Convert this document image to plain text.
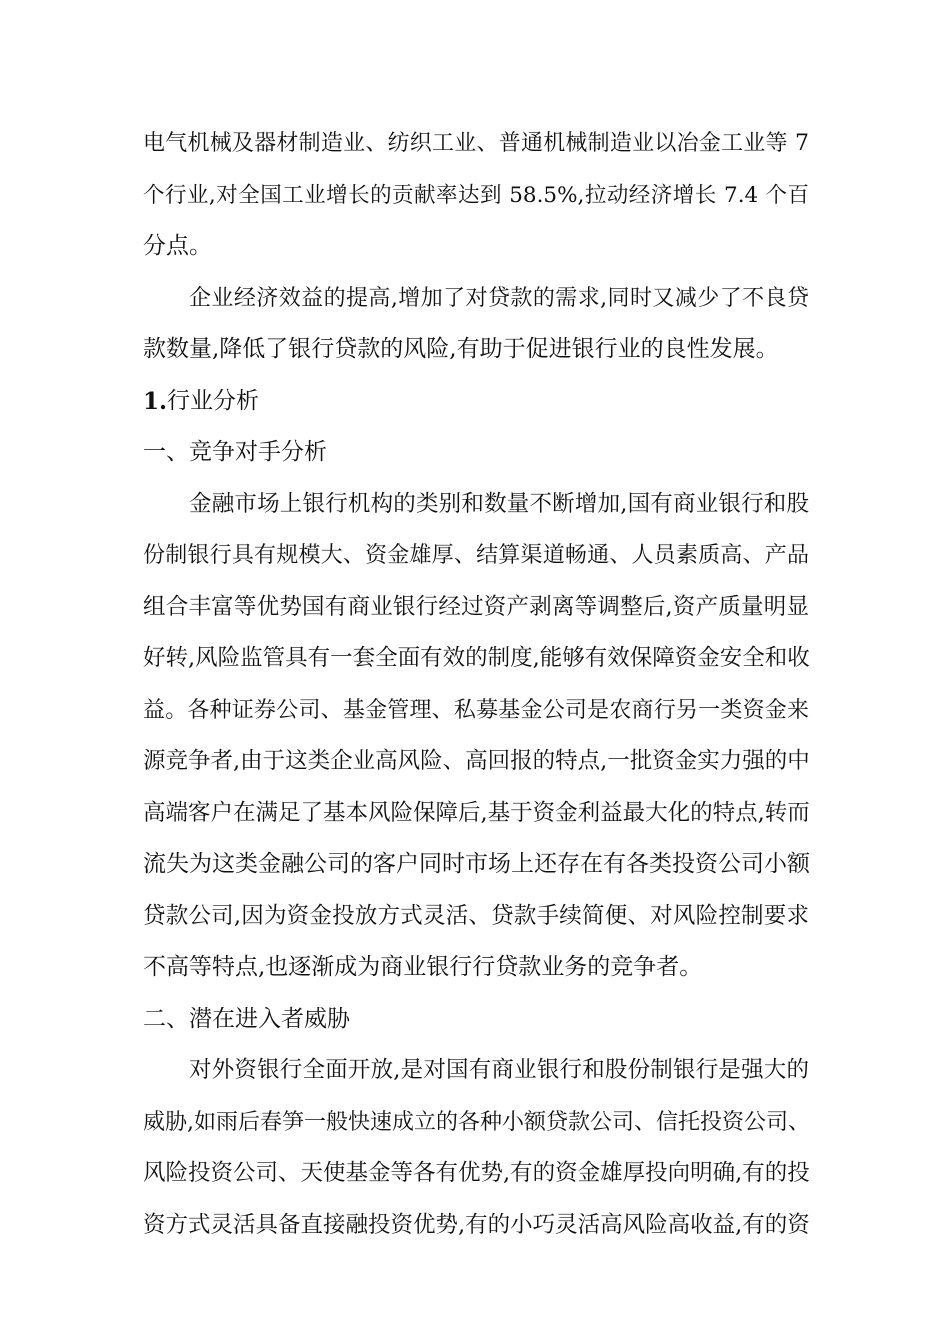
电气机械及器材制造业、纺织工业、普通机械制造业以冶金工业等 7
个行业,对全国工业增长的贡献率达到 58.5%,拉动经济增长 7.4 个百
分点。
企业经济效益的提高,增加了对贷款的需求,同时又减少了不良贷
款数量,降低了银行贷款的风险,有助于促进银行业的良性发展。
1. 行业分析
一、竞争对手分析
金融市场上银行机构的类别和数量不断增加,国有商业银行和股
份制银行具有规模大、资金雄厚、结算渠道畅通、人员素质高、产品
组合丰富等优势国有商业银行经过资产剥离等调整后,资产质量明显
好转,风险监管具有一套全面有效的制度,能够有效保障资金安全和收
益。各种证券公司、基金管理、私募基金公司是农商行另一类资金来
源竞争者,由于这类企业高风险、高回报的特点,一批资金实力强的中
高端客户在满足了基本风险保障后,基于资金利益最大化的特点,转而
流失为这类金融公司的客户同时市场上还存在有各类投资公司小额
贷款公司,因为资金投放方式灵活、贷款手续简便、对风险控制要求
不高等特点,也逐渐成为商业银行行贷款业务的竞争者。
二、潜在进入者威胁
对外资银行全面开放,是对国有商业银行和股份制银行是强大的
威胁,如雨后春笋一般快速成立的各种小额贷款公司、信托投资公司、
风险投资公司、天使基金等各有优势,有的资金雄厚投向明确,有的投
资方式灵活具备直接融投资优势,有的小巧灵活高风险高收益,有的资
